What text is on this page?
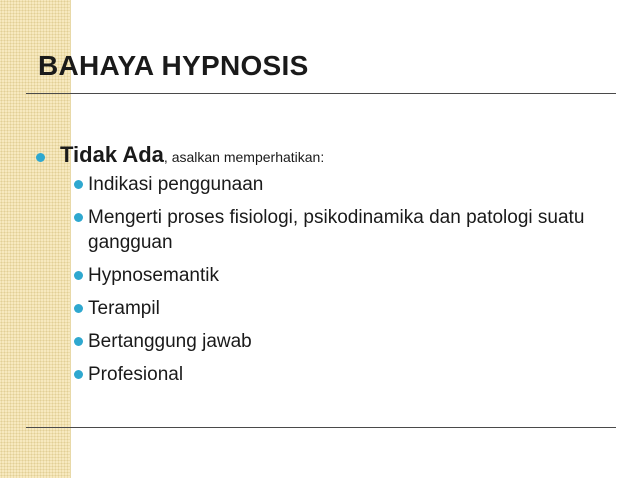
BAHAYA HYPNOSIS
Tidak Ada, asalkan memperhatikan:
Indikasi penggunaan
Mengerti proses fisiologi, psikodinamika dan patologi suatu gangguan
Hypnosemantik
Terampil
Bertanggung jawab
Profesional
